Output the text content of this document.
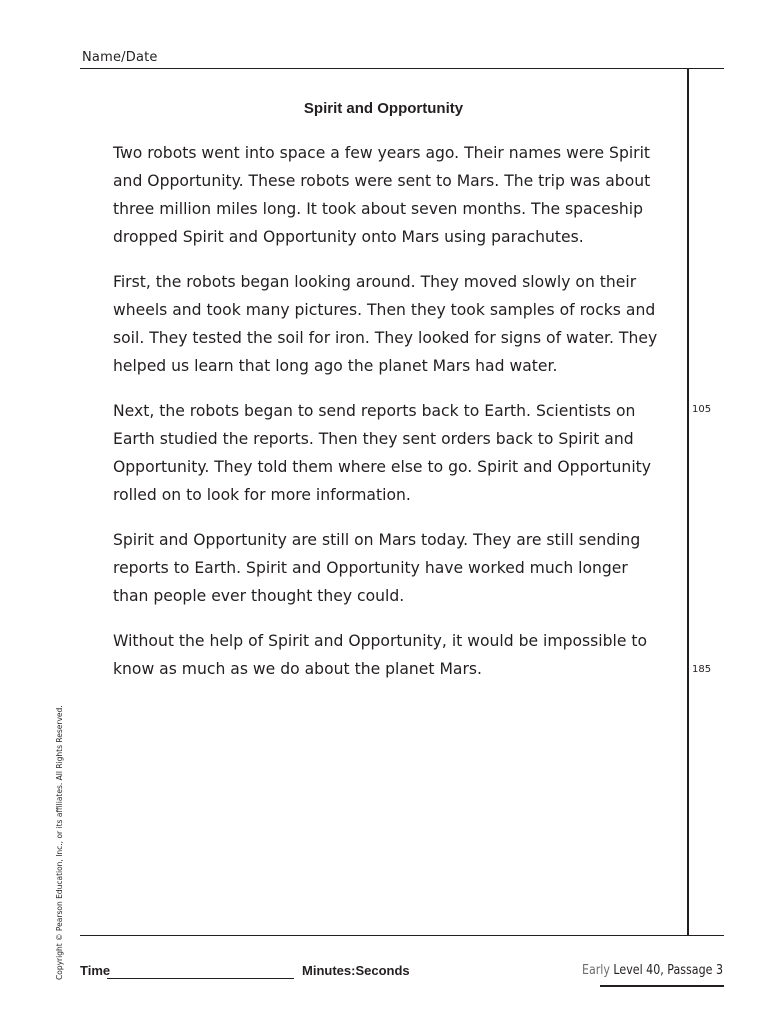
Name/Date
Spirit and Opportunity

Two robots went into space a few years ago. Their names were Spirit
and Opportunity. These robots were sent to Mars. The trip was about
three million miles long. It took about seven months. The spaceship
dropped Spirit and Opportunity onto Mars using parachutes.

First, the robots began looking around. They moved slowly on their
wheels and took many pictures. Then they took samples of rocks and
soil. They tested the soil for iron. They looked for signs of water. They
helped us learn that long ago the planet Mars had water.

Next, the robots began to send reports back to Earth. Scientists on
Earth studied the reports. Then they sent orders back to Spirit and
Opportunity. They told them where else to go. Spirit and Opportunity
rolled on to look for more information.

Spirit and Opportunity are still on Mars today. They are still sending
reports to Earth. Spirit and Opportunity have worked much longer
than people ever thought they could.

Without the help of Spirit and Opportunity, it would be impossible to
know as much as we do about the planet Mars.

105
185
Copyright © Pearson Education, Inc., or its affiliates. All Rights Reserved. Time	Minutes:Seconds	Early Level 40, Passage 3
